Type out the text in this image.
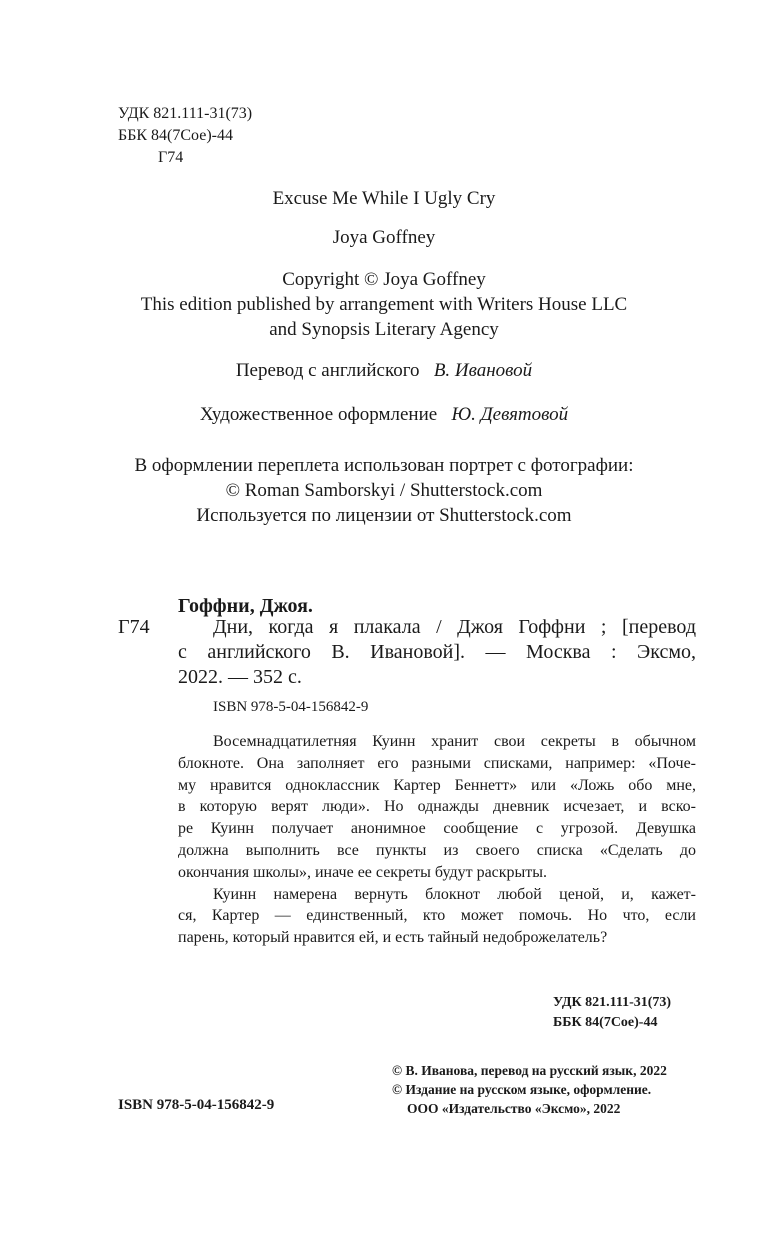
УДК 821.111-31(73)
ББК 84(7Сое)-44
Г74
Excuse Me While I Ugly Cry
Joya Goffney
Copyright © Joya Goffney
This edition published by arrangement with Writers House LLC
and Synopsis Literary Agency
Перевод с английского В. Ивановой
Художественное оформление Ю. Девятовой
В оформлении переплета использован портрет с фотографии:
© Roman Samborskyi / Shutterstock.com
Используется по лицензии от Shutterstock.com
Гоффни, Джоя.
Г74	Дни, когда я плакала / Джоя Гоффни ; [перевод
с английского В. Ивановой]. — Москва : Эксмо,
2022. — 352 с.
ISBN 978-5-04-156842-9
Восемнадцатилетняя Куинн хранит свои секреты в обычном
блокноте. Она заполняет его разными списками, например: «Поче-
му нравится одноклассник Картер Беннетт» или «Ложь обо мне,
в которую верят люди». Но однажды дневник исчезает, и вско-
ре Куинн получает анонимное сообщение с угрозой. Девушка
должна выполнить все пункты из своего списка «Сделать до
окончания школы», иначе ее секреты будут раскрыты.
Куинн намерена вернуть блокнот любой ценой, и, кажет-
ся, Картер — единственный, кто может помочь. Но что, если
парень, который нравится ей, и есть тайный недоброжелатель?
УДК 821.111-31(73)
ББК 84(7Сое)-44
© В. Иванова, перевод на русский язык, 2022
© Издание на русском языке, оформление.
ООО «Издательство «Эксмо», 2022
ISBN 978-5-04-156842-9
